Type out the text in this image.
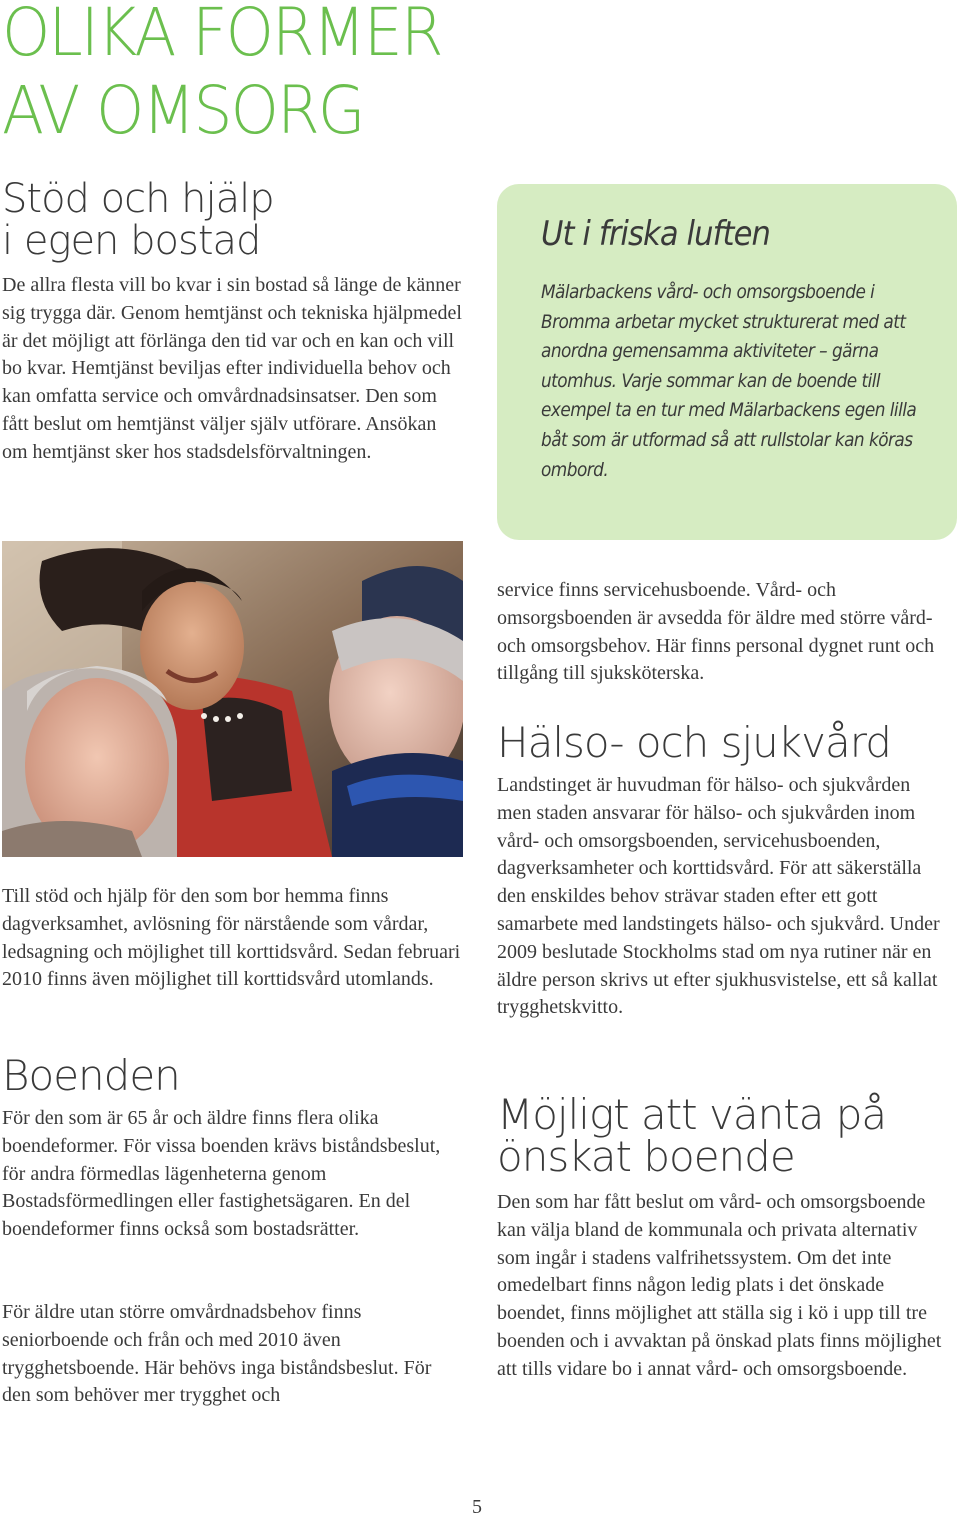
OLIKA FORMER
AV OMSORG
Stöd och hjälp
i egen bostad

De allra flesta vill bo kvar i sin bostad så länge de känner sig trygga där. Genom hemtjänst och tekniska hjälpmedel är det möjligt att förlänga den tid var och en kan och vill bo kvar. Hemtjänst beviljas efter individuella behov och kan omfatta service och omvårdnadsinsatser. Den som fått beslut om hemtjänst väljer själv utförare. Ansökan om hemtjänst sker hos stadsdelsförvaltningen.

Ut i friska luften

Mälarbackens vård- och omsorgsboende i Bromma arbetar mycket strukturerat med att anordna gemensamma aktiviteter – gärna utomhus. Varje sommar kan de boende till exempel ta en tur med Mälarbackens egen lilla båt som är utformad så att rullstolar kan köras ombord.

Till stöd och hjälp för den som bor hemma finns dagverksamhet, avlösning för närstående som vårdar, ledsagning och möjlighet till korttidsvård. Sedan februari 2010 finns även möjlighet till korttidsvård utomlands.

Boenden

För den som är 65 år och äldre finns flera olika boendeformer. För vissa boenden krävs biståndsbeslut, för andra förmedlas lägenheterna genom Bostadsförmedlingen eller fastighetsägaren. En del boendeformer finns också som bostadsrätter.

För äldre utan större omvårdnadsbehov finns seniorboende och från och med 2010 även trygghetsboende. Här behövs inga biståndsbeslut. För den som behöver mer trygghet och

service finns servicehusboende. Vård- och omsorgsboenden är avsedda för äldre med större vård- och omsorgsbehov. Här finns personal dygnet runt och tillgång till sjuksköterska.

Hälso- och sjukvård

Landstinget är huvudman för hälso- och sjukvården men staden ansvarar för hälso- och sjukvården inom vård- och omsorgsboenden, servicehusboenden, dagverksamheter och korttidsvård. För att säkerställa den enskildes behov strävar staden efter ett gott samarbete med landstingets hälso- och sjukvård. Under 2009 beslutade Stockholms stad om nya rutiner när en äldre person skrivs ut efter sjukhusvistelse, ett så kallat trygghetskvitto.

Möjligt att vänta på
önskat boende

Den som har fått beslut om vård- och omsorgsboende kan välja bland de kommunala och privata alternativ som ingår i stadens valfrihetssystem. Om det inte omedelbart finns någon ledig plats i det önskade boendet, finns möjlighet att ställa sig i kö i upp till tre boenden och i avvaktan på önskad plats finns möjlighet att tills vidare bo i annat vård- och omsorgsboende.

5
